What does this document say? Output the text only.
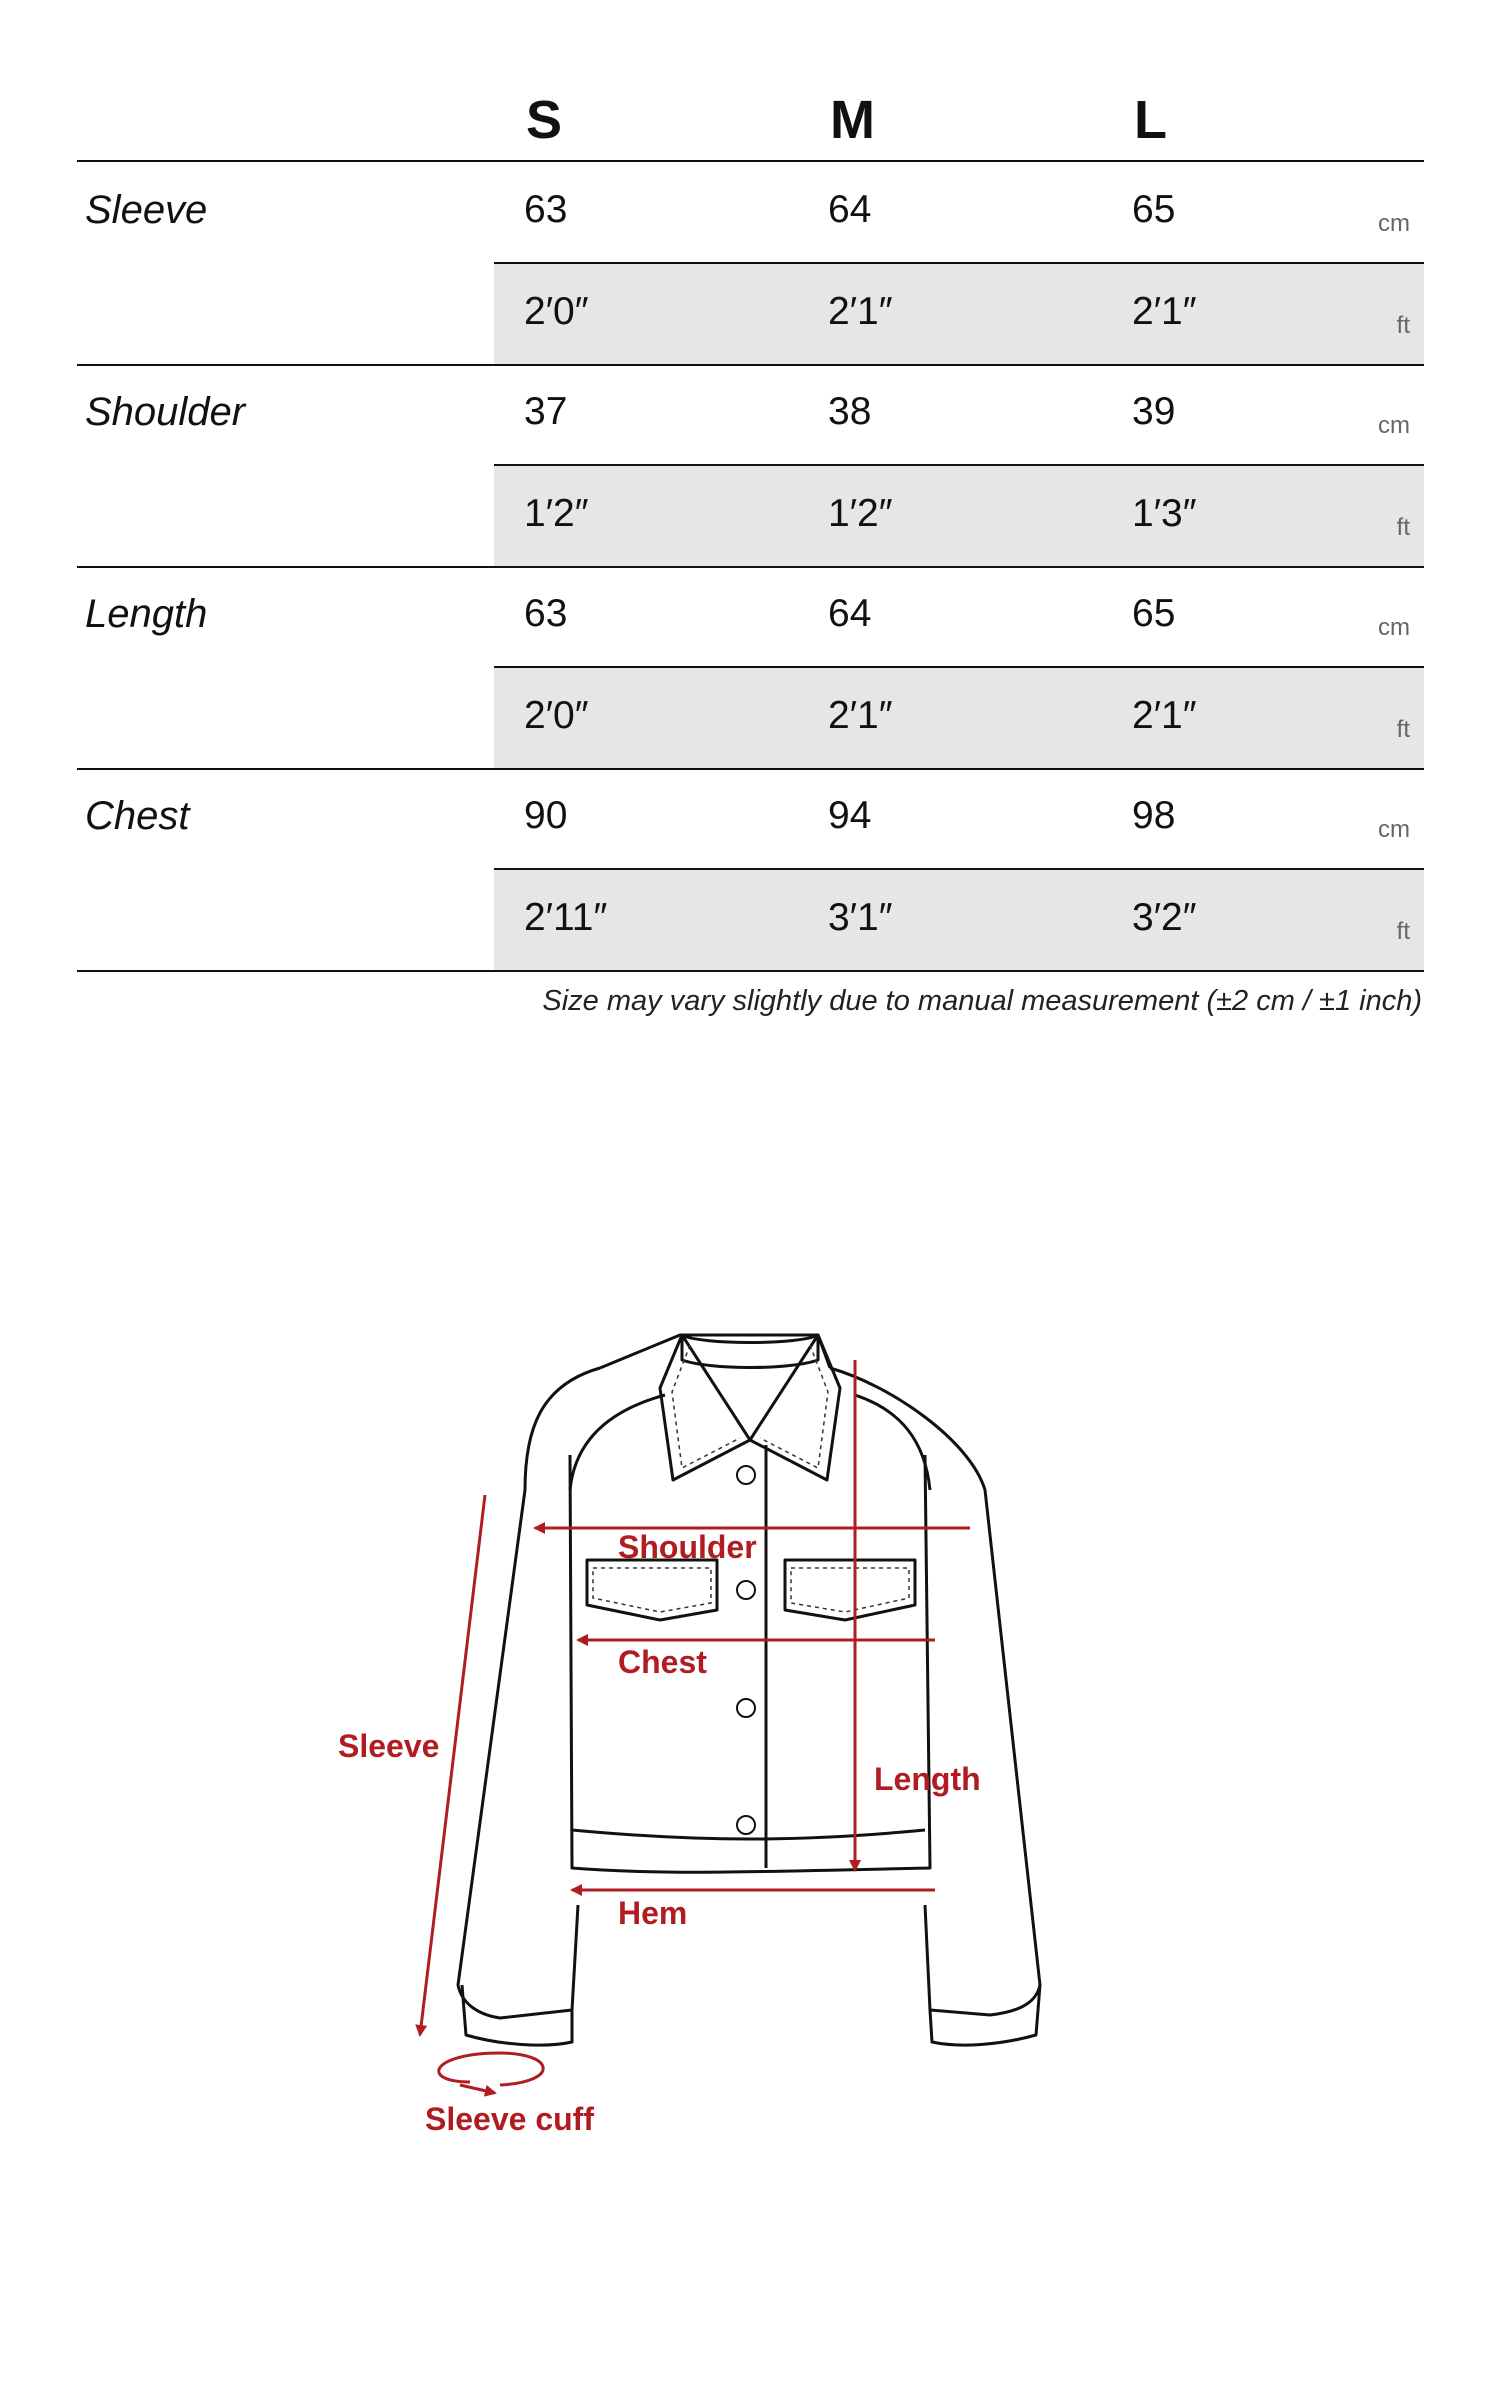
S	M	L
Sleeve	63	64	65	cm
2′0″	2′1″	2′1″	ft
Shoulder	37	38	39	cm
1′2″	1′2″	1′3″	ft
Length	63	64	65	cm
2′0″	2′1″	2′1″	ft
Chest	90	94	98	cm
2′11″	3′1″	3′2″	ft
Size may vary slightly due to manual measurement (±2 cm / ±1 inch)
Shoulder
Chest
Sleeve
Length
Hem
Sleeve cuff
